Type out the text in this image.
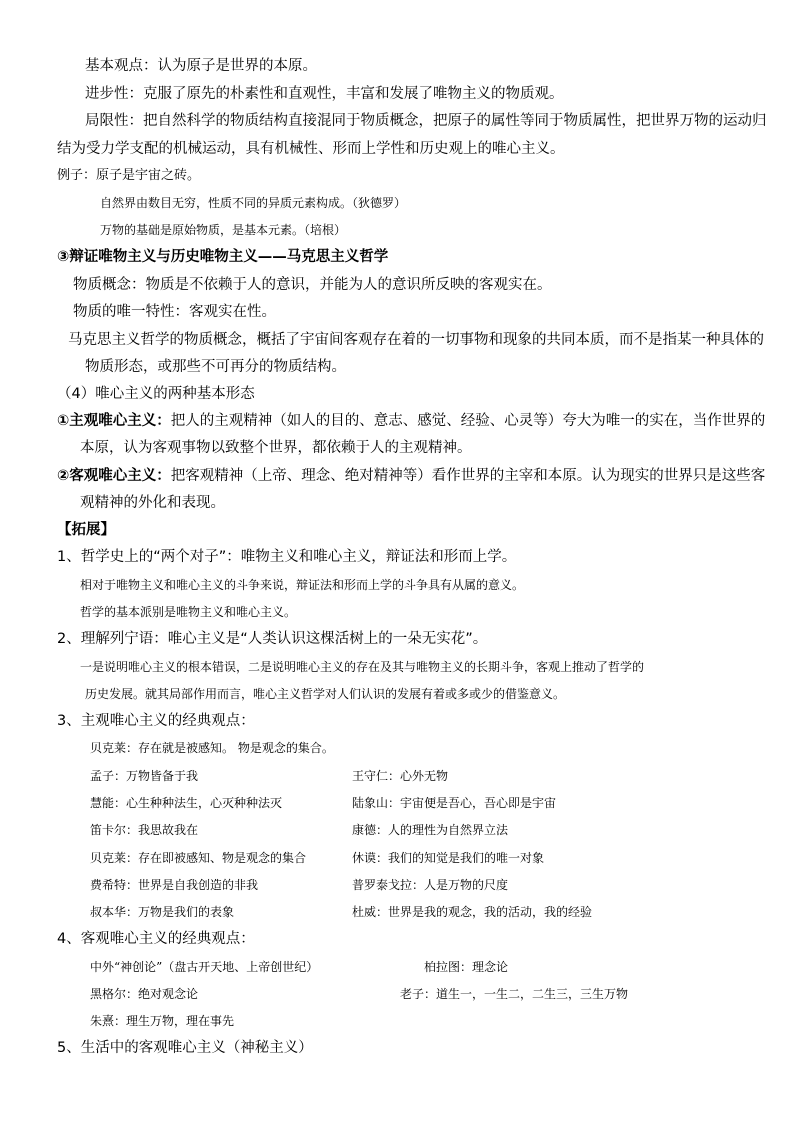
基本观点：认为原子是世界的本原。
进步性：克服了原先的朴素性和直观性，丰富和发展了唯物主义的物质观。
局限性：把自然科学的物质结构直接混同于物质概念，把原子的属性等同于物质属性，把世界万物的运动归
结为受力学支配的机械运动，具有机械性、形而上学性和历史观上的唯心主义。
例子：原子是宇宙之砖。
自然界由数目无穷，性质不同的异质元素构成。（狄德罗）
万物的基础是原始物质，是基本元素。（培根）
③辩证唯物主义与历史唯物主义——马克思主义哲学
物质概念：物质是不依赖于人的意识，并能为人的意识所反映的客观实在。
物质的唯一特性：客观实在性。
马克思主义哲学的物质概念，概括了宇宙间客观存在着的一切事物和现象的共同本质，而不是指某一种具体的
物质形态，或那些不可再分的物质结构。
（4）唯心主义的两种基本形态
①主观唯心主义：把人的主观精神（如人的目的、意志、感觉、经验、心灵等）夸大为唯一的实在，当作世界的
本原，认为客观事物以致整个世界，都依赖于人的主观精神。
②客观唯心主义：把客观精神（上帝、理念、绝对精神等）看作世界的主宰和本原。认为现实的世界只是这些客
观精神的外化和表现。
【拓展】
1、哲学史上的“两个对子”：唯物主义和唯心主义，辩证法和形而上学。
相对于唯物主义和唯心主义的斗争来说，辩证法和形而上学的斗争具有从属的意义。
哲学的基本派别是唯物主义和唯心主义。
2、理解列宁语：唯心主义是“人类认识这棵活树上的一朵无实花”。
一是说明唯心主义的根本错误，二是说明唯心主义的存在及其与唯物主义的长期斗争，客观上推动了哲学的
历史发展。就其局部作用而言，唯心主义哲学对人们认识的发展有着或多或少的借鉴意义。
3、主观唯心主义的经典观点：
贝克莱：存在就是被感知。 物是观念的集合。
孟子：万物皆备于我	王守仁：心外无物
慧能：心生种种法生，心灭种种法灭	陆象山：宇宙便是吾心，吾心即是宇宙
笛卡尔：我思故我在	康德：人的理性为自然界立法
贝克莱：存在即被感知、物是观念的集合	休谟：我们的知觉是我们的唯一对象
费希特：世界是自我创造的非我	普罗泰戈拉：人是万物的尺度
叔本华：万物是我们的表象	杜威：世界是我的观念，我的活动，我的经验
4、客观唯心主义的经典观点：
中外“神创论”（盘古开天地、上帝创世纪）	柏拉图：理念论
黑格尔：绝对观念论	老子：道生一，一生二，二生三，三生万物
朱熹：理生万物，理在事先
5、生活中的客观唯心主义（神秘主义）
